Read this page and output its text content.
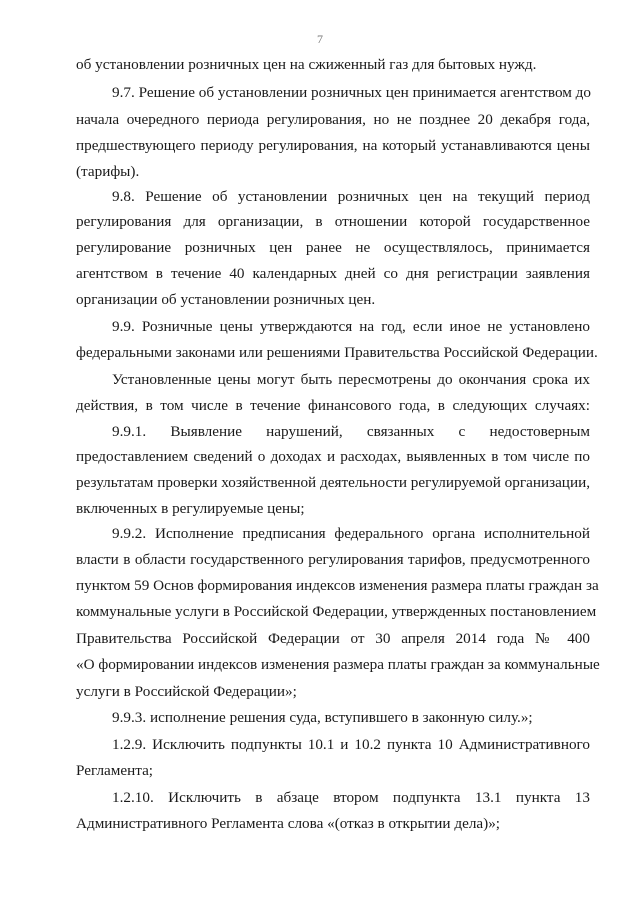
7
об установлении розничных цен на сжиженный газ для бытовых нужд.
9.7. Решение об установлении розничных цен принимается агентством до
начала очередного периода регулирования, но не позднее 20 декабря года,
предшествующего периоду регулирования, на который устанавливаются цены
(тарифы).
9.8. Решение об установлении розничных цен на текущий период
регулирования для организации, в отношении которой государственное
регулирование розничных цен ранее не осуществлялось, принимается
агентством в течение 40 календарных дней со дня регистрации заявления
организации об установлении розничных цен.
9.9. Розничные цены утверждаются на год, если иное не установлено
федеральными законами или решениями Правительства Российской Федерации.
Установленные цены могут быть пересмотрены до окончания срока их
действия, в том числе в течение финансового года, в следующих случаях:
9.9.1. Выявление нарушений, связанных с недостоверным
предоставлением сведений о доходах и расходах, выявленных в том числе по
результатам проверки хозяйственной деятельности регулируемой организации,
включенных в регулируемые цены;
9.9.2. Исполнение предписания федерального органа исполнительной
власти в области государственного регулирования тарифов, предусмотренного
пунктом 59 Основ формирования индексов изменения размера платы граждан за
коммунальные услуги в Российской Федерации, утвержденных постановлением
Правительства Российской Федерации от 30 апреля 2014 года № 400
«О формировании индексов изменения размера платы граждан за коммунальные
услуги в Российской Федерации»;
9.9.3. исполнение решения суда, вступившего в законную силу.»;
1.2.9. Исключить подпункты 10.1 и 10.2 пункта 10 Административного
Регламента;
1.2.10. Исключить в абзаце втором подпункта 13.1 пункта 13
Административного Регламента слова «(отказ в открытии дела)»;
